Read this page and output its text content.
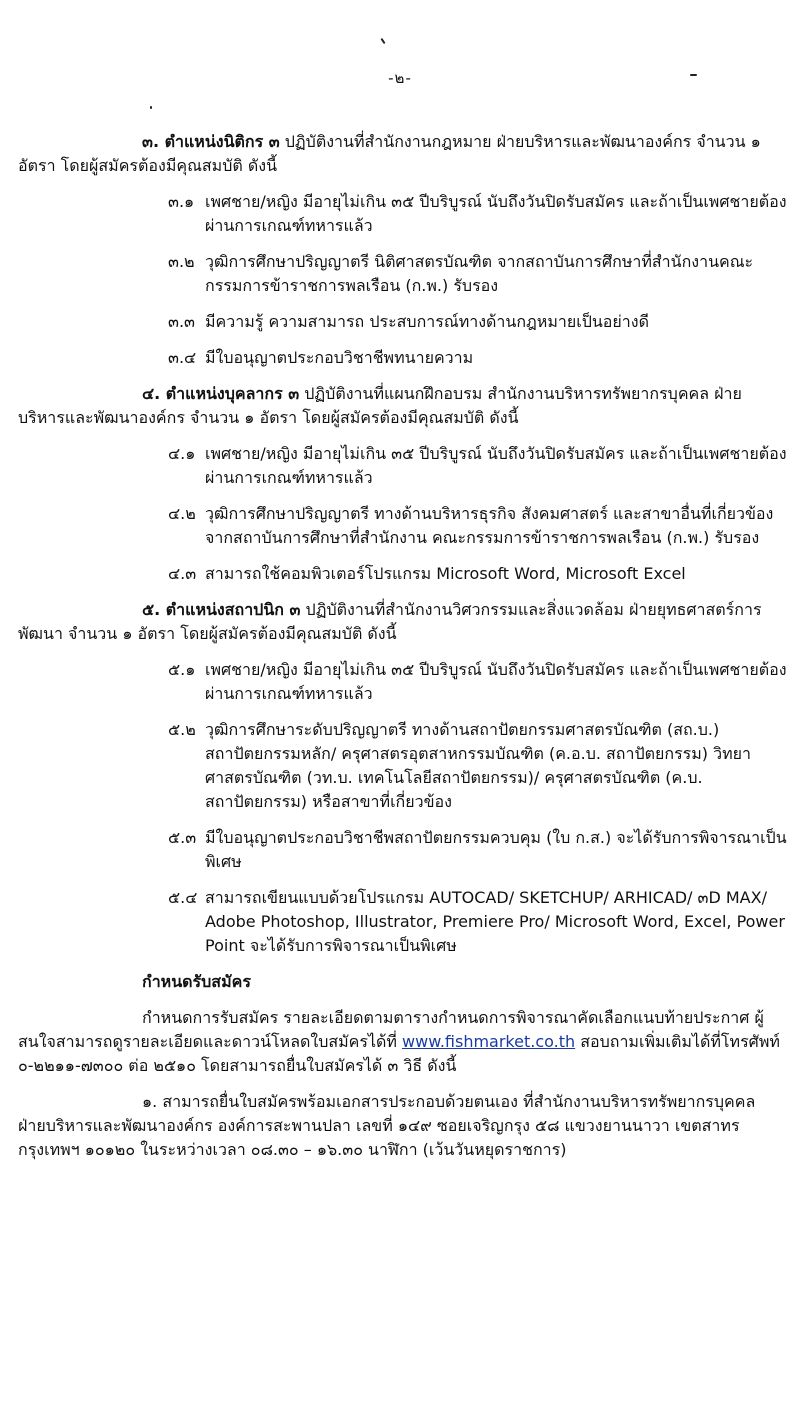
-๒-

๓. ตำแหน่งนิติกร ๓ ปฏิบัติงานที่สำนักงานกฎหมาย ฝ่ายบริหารและพัฒนาองค์กร จำนวน ๑ อัตรา โดยผู้สมัครต้องมีคุณสมบัติ ดังนี้

๓.๑ เพศชาย/หญิง มีอายุไม่เกิน ๓๕ ปีบริบูรณ์ นับถึงวันปิดรับสมัคร และถ้าเป็นเพศชายต้องผ่านการเกณฑ์ทหารแล้ว
๓.๒ วุฒิการศึกษาปริญญาตรี นิติศาสตรบัณฑิต จากสถาบันการศึกษาที่สำนักงานคณะกรรมการข้าราชการพลเรือน (ก.พ.) รับรอง
๓.๓ มีความรู้ ความสามารถ ประสบการณ์ทางด้านกฎหมายเป็นอย่างดี
๓.๔ มีใบอนุญาตประกอบวิชาชีพทนายความ

๔. ตำแหน่งบุคลากร ๓ ปฏิบัติงานที่แผนกฝึกอบรม สำนักงานบริหารทรัพยากรบุคคล ฝ่ายบริหารและพัฒนาองค์กร จำนวน ๑ อัตรา โดยผู้สมัครต้องมีคุณสมบัติ ดังนี้

๔.๑ เพศชาย/หญิง มีอายุไม่เกิน ๓๕ ปีบริบูรณ์ นับถึงวันปิดรับสมัคร และถ้าเป็นเพศชายต้องผ่านการเกณฑ์ทหารแล้ว
๔.๒ วุฒิการศึกษาปริญญาตรี ทางด้านบริหารธุรกิจ สังคมศาสตร์ และสาขาอื่นที่เกี่ยวข้อง จากสถาบันการศึกษาที่สำนักงาน คณะกรรมการข้าราชการพลเรือน (ก.พ.) รับรอง
๔.๓ สามารถใช้คอมพิวเตอร์โปรแกรม Microsoft Word, Microsoft Excel

๕. ตำแหน่งสถาปนิก ๓ ปฏิบัติงานที่สำนักงานวิศวกรรมและสิ่งแวดล้อม ฝ่ายยุทธศาสตร์การพัฒนา จำนวน ๑ อัตรา โดยผู้สมัครต้องมีคุณสมบัติ ดังนี้

๕.๑ เพศชาย/หญิง มีอายุไม่เกิน ๓๕ ปีบริบูรณ์ นับถึงวันปิดรับสมัคร และถ้าเป็นเพศชายต้องผ่านการเกณฑ์ทหารแล้ว
๕.๒ วุฒิการศึกษาระดับปริญญาตรี ทางด้านสถาปัตยกรรมศาสตรบัณฑิต (สถ.บ.) สถาปัตยกรรมหลัก/ ครุศาสตรอุตสาหกรรมบัณฑิต (ค.อ.บ. สถาปัตยกรรม) วิทยาศาสตรบัณฑิต (วท.บ. เทคโนโลยีสถาปัตยกรรม)/ ครุศาสตรบัณฑิต (ค.บ. สถาปัตยกรรม) หรือสาขาที่เกี่ยวข้อง
๕.๓ มีใบอนุญาตประกอบวิชาชีพสถาปัตยกรรมควบคุม (ใบ ก.ส.) จะได้รับการพิจารณาเป็นพิเศษ
๕.๔ สามารถเขียนแบบด้วยโปรแกรม AUTOCAD/ SKETCHUP/ ARHICAD/ ๓D MAX/ Adobe Photoshop, Illustrator, Premiere Pro/ Microsoft Word, Excel, Power Point จะได้รับการพิจารณาเป็นพิเศษ
กำหนดรับสมัคร

กำหนดการรับสมัคร รายละเอียดตามตารางกำหนดการพิจารณาคัดเลือกแนบท้ายประกาศ ผู้สนใจสามารถดูรายละเอียดและดาวน์โหลดใบสมัครได้ที่ www.fishmarket.co.th สอบถามเพิ่มเติมได้ที่โทรศัพท์ ๐-๒๒๑๑-๗๓๐๐ ต่อ ๒๕๑๐ โดยสามารถยื่นใบสมัครได้ ๓ วิธี ดังนี้

๑. สามารถยื่นใบสมัครพร้อมเอกสารประกอบด้วยตนเอง ที่สำนักงานบริหารทรัพยากรบุคคล ฝ่ายบริหารและพัฒนาองค์กร องค์การสะพานปลา เลขที่ ๑๔๙ ซอยเจริญกรุง ๕๘ แขวงยานนาวา เขตสาทร กรุงเทพฯ ๑๐๑๒๐ ในระหว่างเวลา ๐๘.๓๐ – ๑๖.๓๐ นาฬิกา (เว้นวันหยุดราชการ)
